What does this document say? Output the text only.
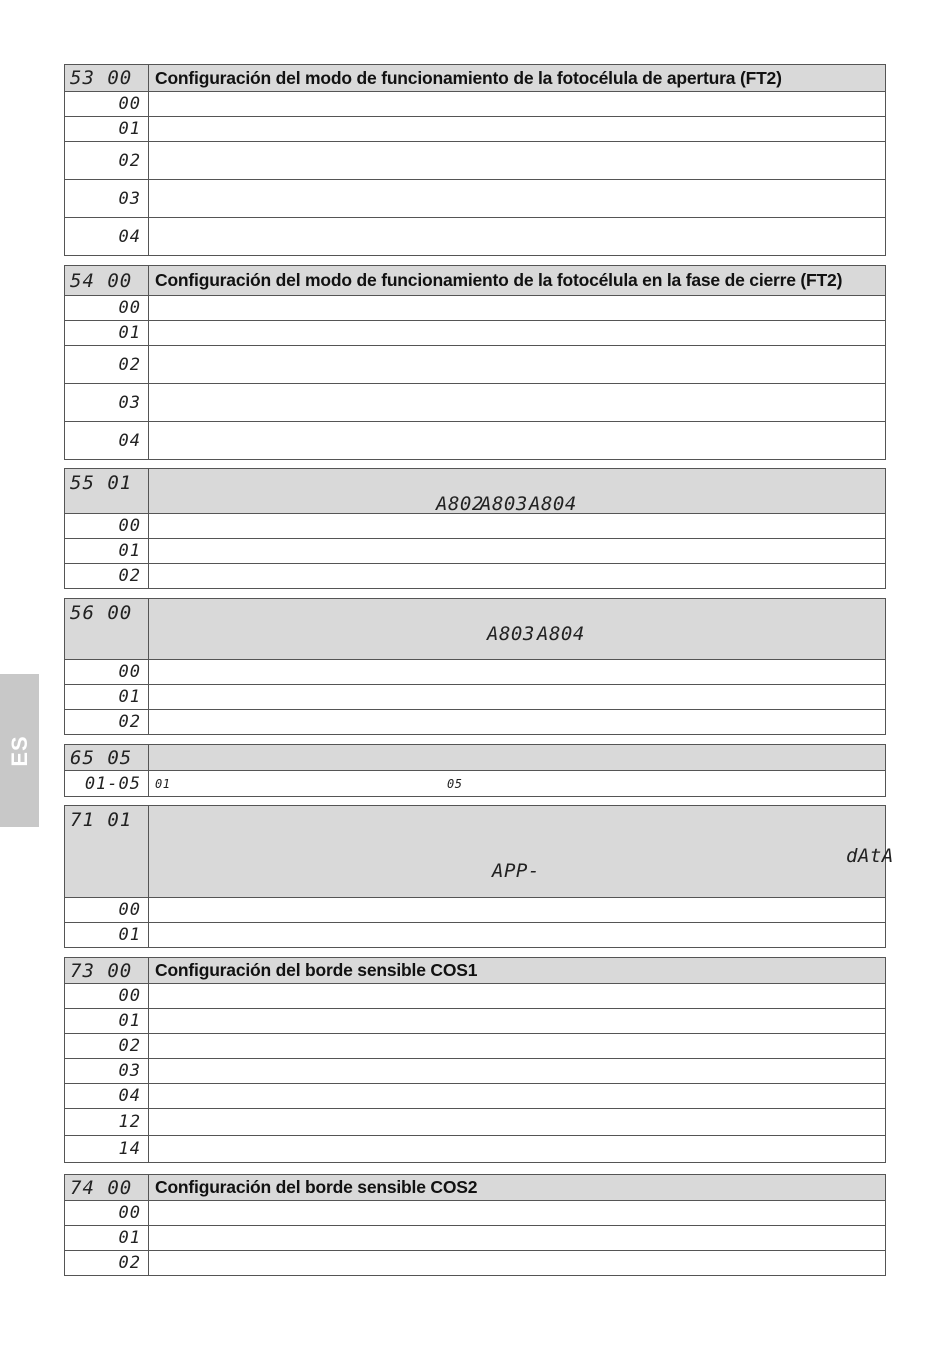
ES
53 00	Configuración del modo de funcionamiento de la fotocélula de apertura (FT2)

00	

01	

02	

03	

04	

54 00	Configuración del modo de funcionamiento de la fotocélula en la fase de cierre (FT2)

00	

01	

02	

03	

04	

55 01	A802
A803 A804

00	

01	

02	

56 00	A803 A804

00	

01	

02	

65 05	

01-05	01 05
71 01	dAtA
APP-

00	

01	

73 00	Configuración del borde sensible COS1

00	

01	

02	

03	

04	

12	

14	

74 00	Configuración del borde sensible COS2

00	

01	

02	
